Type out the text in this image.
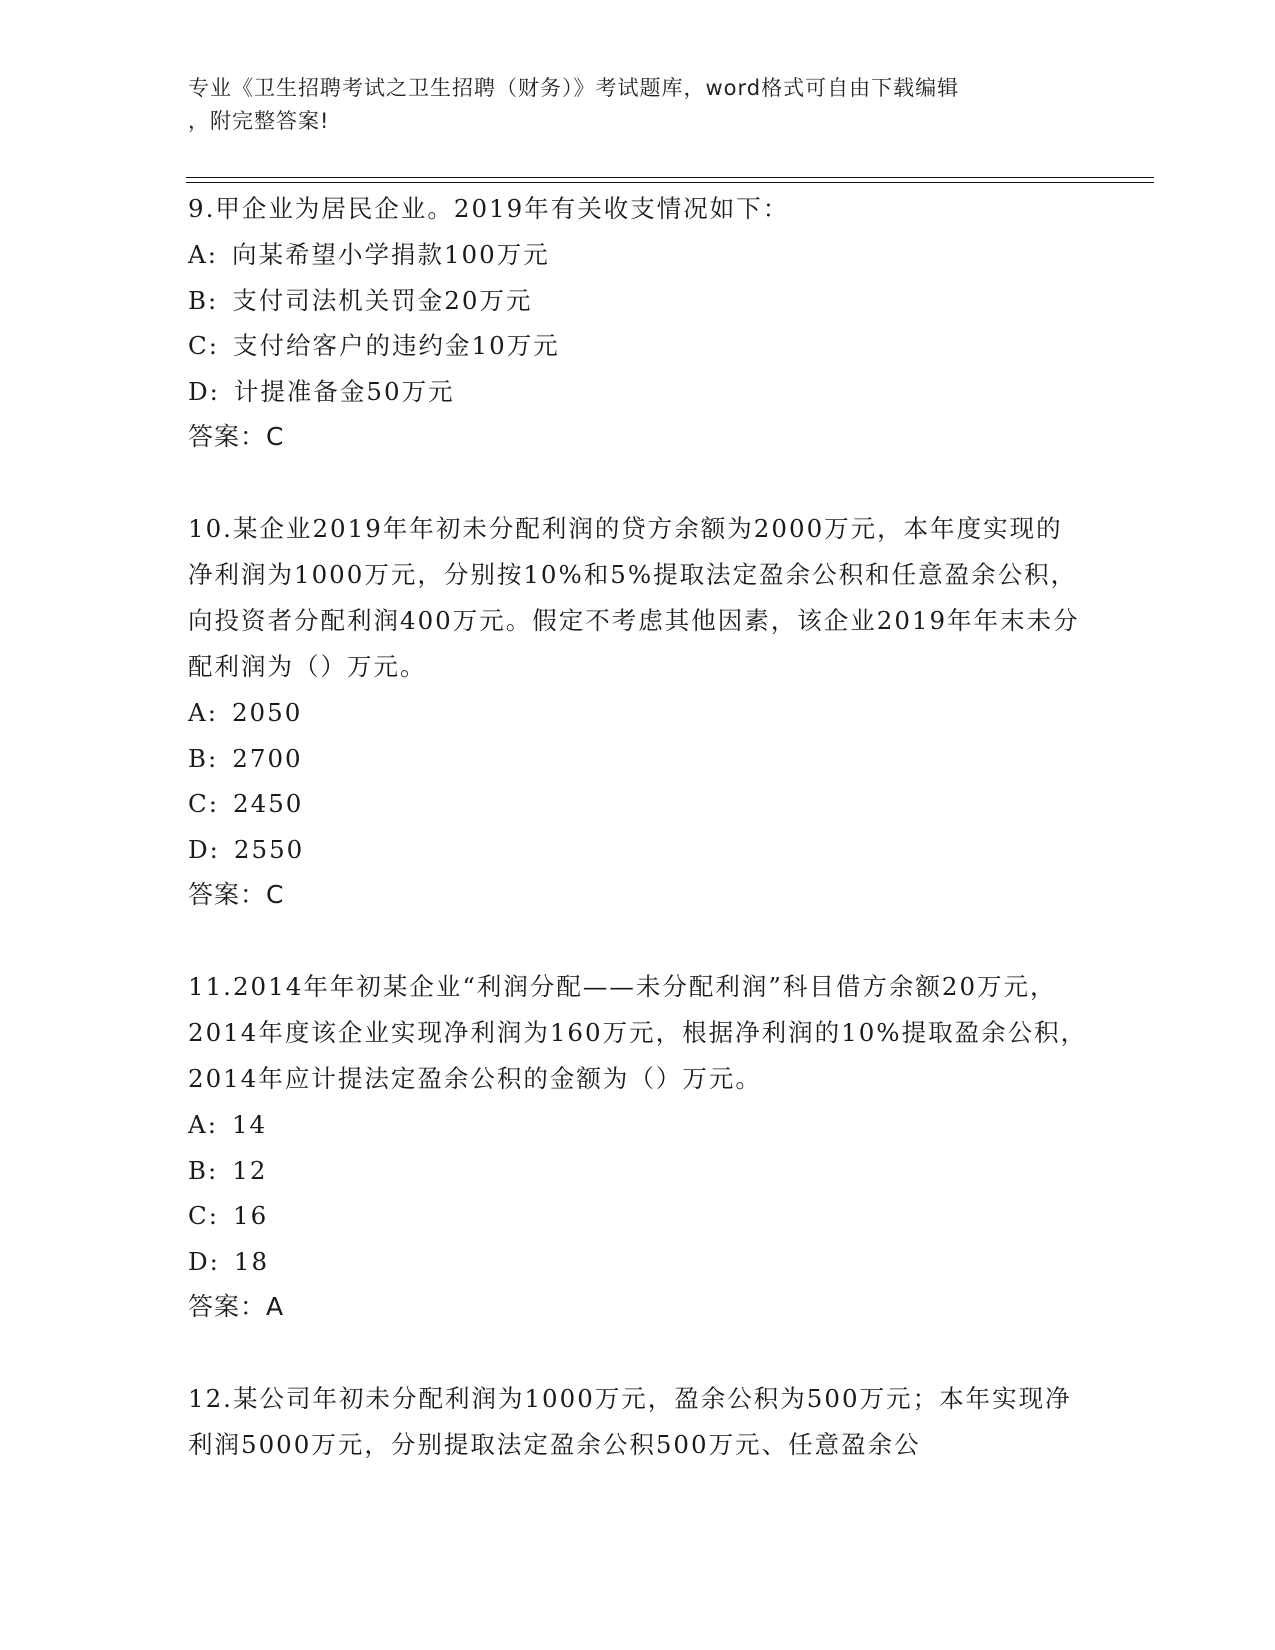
专业《卫生招聘考试之卫生招聘（财务）》考试题库，word格式可自由下载编辑
，附完整答案!

9.甲企业为居民企业。2019年有关收支情况如下：

A: 向某希望小学捐款100万元

B: 支付司法机关罚金20万元

C: 支付给客户的违约金10万元

D: 计提准备金50万元

答案：C

10.某企业2019年年初未分配利润的贷方余额为2000万元，本年度实现的净利润为1000万元，分别按10%和5%提取法定盈余公积和任意盈余公积，向投资者分配利润400万元。假定不考虑其他因素，该企业2019年年末未分配利润为（）万元。

A: 2050

B: 2700

C: 2450

D: 2550

答案：C

11.2014年年初某企业“利润分配——未分配利润”科目借方余额20万元，2014年度该企业实现净利润为160万元，根据净利润的10%提取盈余公积，2014年应计提法定盈余公积的金额为（）万元。

A: 14

B: 12

C: 16

D: 18

答案：A

12.某公司年初未分配利润为1000万元，盈余公积为500万元；本年实现净利润5000万元，分别提取法定盈余公积500万元、任意盈余公
